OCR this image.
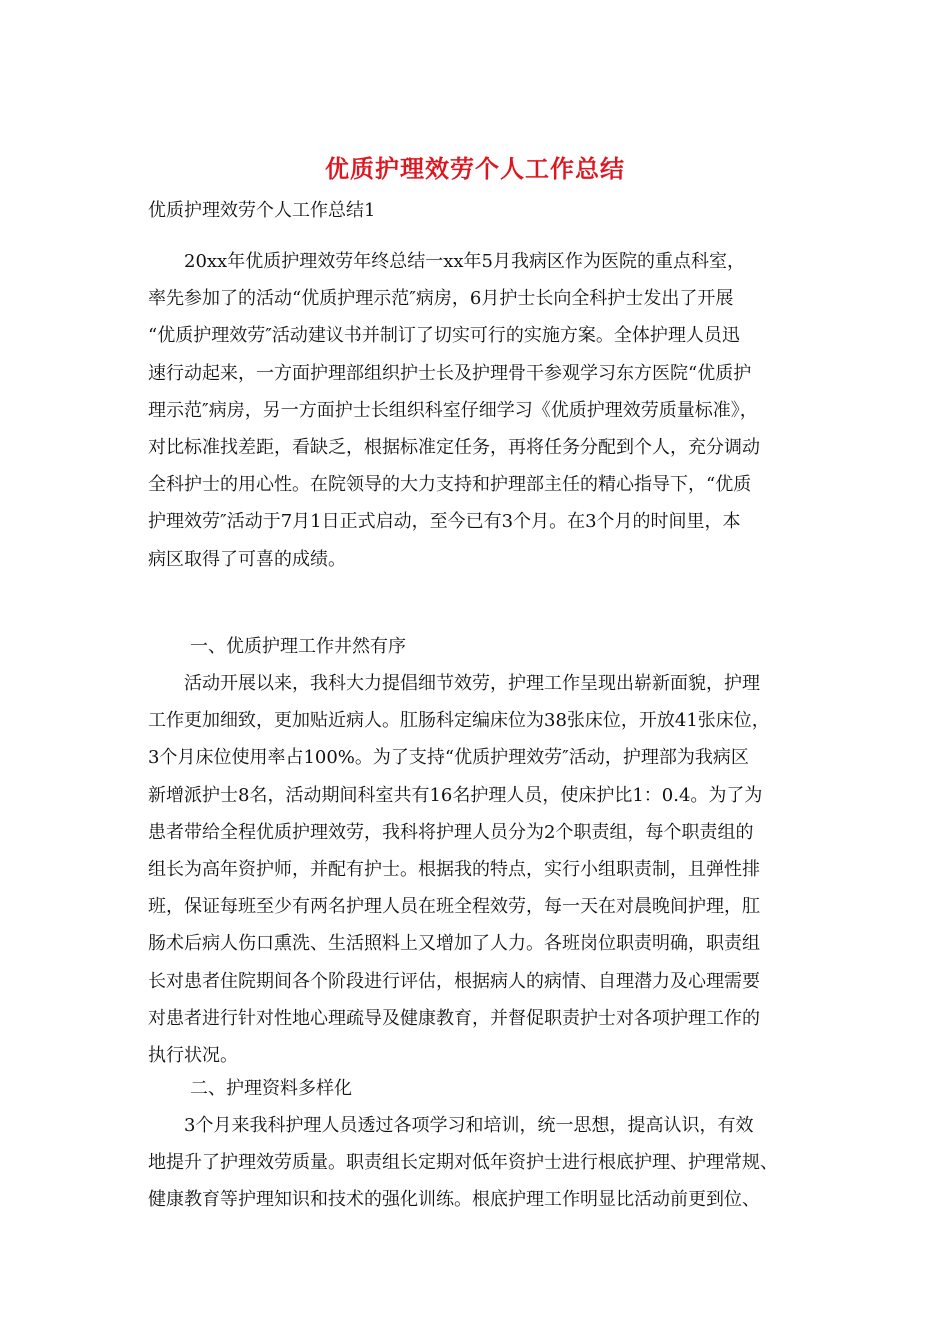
优质护理效劳个人工作总结
优质护理效劳个人工作总结1
　　20xx年优质护理效劳年终总结一xx年5月我病区作为医院的重点科室，
率先参加了的活动“优质护理示范″病房，6月护士长向全科护士发出了开展
“优质护理效劳″活动建议书并制订了切实可行的实施方案。全体护理人员迅
速行动起来，一方面护理部组织护士长及护理骨干参观学习东方医院“优质护
理示范″病房，另一方面护士长组织科室仔细学习《优质护理效劳质量标准》，
对比标准找差距，看缺乏，根据标准定任务，再将任务分配到个人，充分调动
全科护士的用心性。在院领导的大力支持和护理部主任的精心指导下，“优质
护理效劳″活动于7月1日正式启动，至今已有3个月。在3个月的时间里，本
病区取得了可喜的成绩。
一、优质护理工作井然有序
　　活动开展以来，我科大力提倡细节效劳，护理工作呈现出崭新面貌，护理
工作更加细致，更加贴近病人。肛肠科定编床位为38张床位，开放41张床位，
3个月床位使用率占100%。为了支持“优质护理效劳″活动，护理部为我病区
新增派护士8名，活动期间科室共有16名护理人员，使床护比1：0.4。为了为
患者带给全程优质护理效劳，我科将护理人员分为2个职责组，每个职责组的
组长为高年资护师，并配有护士。根据我的特点，实行小组职责制，且弹性排
班，保证每班至少有两名护理人员在班全程效劳，每一天在对晨晚间护理，肛
肠术后病人伤口熏洗、生活照料上又增加了人力。各班岗位职责明确，职责组
长对患者住院期间各个阶段进行评估，根据病人的病情、自理潜力及心理需要
对患者进行针对性地心理疏导及健康教育，并督促职责护士对各项护理工作的
执行状况。
二、护理资料多样化
　　3个月来我科护理人员透过各项学习和培训，统一思想，提高认识，有效
地提升了护理效劳质量。职责组长定期对低年资护士进行根底护理、护理常规、
健康教育等护理知识和技术的强化训练。根底护理工作明显比活动前更到位、
